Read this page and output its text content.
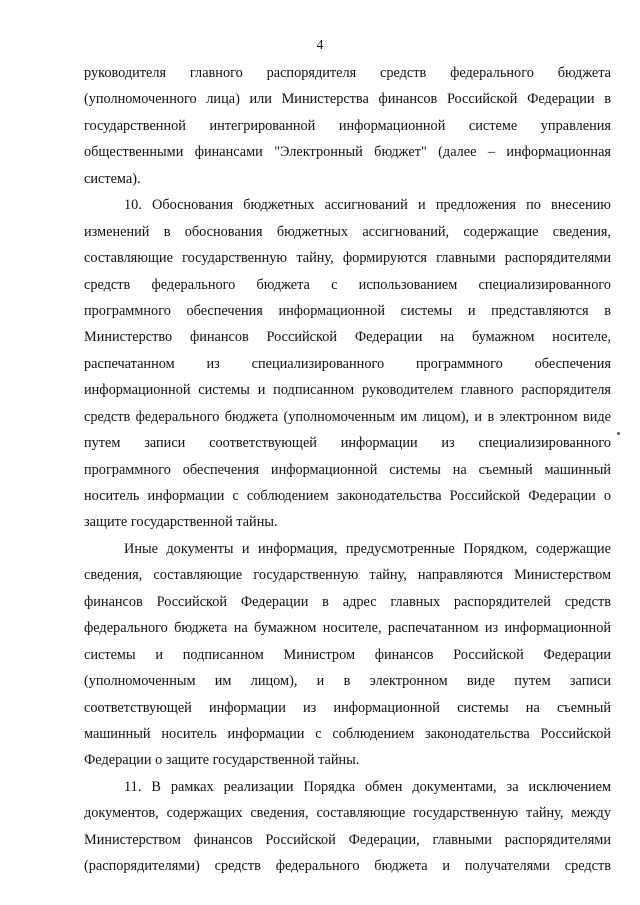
4
руководителя главного распорядителя средств федерального бюджета
(уполномоченного лица) или Министерства финансов Российской Федерации в
государственной интегрированной информационной системе управления
общественными финансами "Электронный бюджет" (далее – информационная
система).
10. Обоснования бюджетных ассигнований и предложения по внесению
изменений в обоснования бюджетных ассигнований, содержащие сведения,
составляющие государственную тайну, формируются главными распорядителями
средств федерального бюджета с использованием специализированного
программного обеспечения информационной системы и представляются в
Министерство финансов Российской Федерации на бумажном носителе,
распечатанном из специализированного программного обеспечения
информационной системы и подписанном руководителем главного распорядителя
средств федерального бюджета (уполномоченным им лицом), и в электронном виде
путем записи соответствующей информации из специализированного
программного обеспечения информационной системы на съемный машинный
носитель информации с соблюдением законодательства Российской Федерации о
защите государственной тайны.
Иные документы и информация, предусмотренные Порядком, содержащие
сведения, составляющие государственную тайну, направляются Министерством
финансов Российской Федерации в адрес главных распорядителей средств
федерального бюджета на бумажном носителе, распечатанном из информационной
системы и подписанном Министром финансов Российской Федерации
(уполномоченным им лицом), и в электронном виде путем записи
соответствующей информации из информационной системы на съемный
машинный носитель информации с соблюдением законодательства Российской
Федерации о защите государственной тайны.
11. В рамках реализации Порядка обмен документами, за исключением
документов, содержащих сведения, составляющие государственную тайну, между
Министерством финансов Российской Федерации, главными распорядителями
(распорядителями) средств федерального бюджета и получателями средств
